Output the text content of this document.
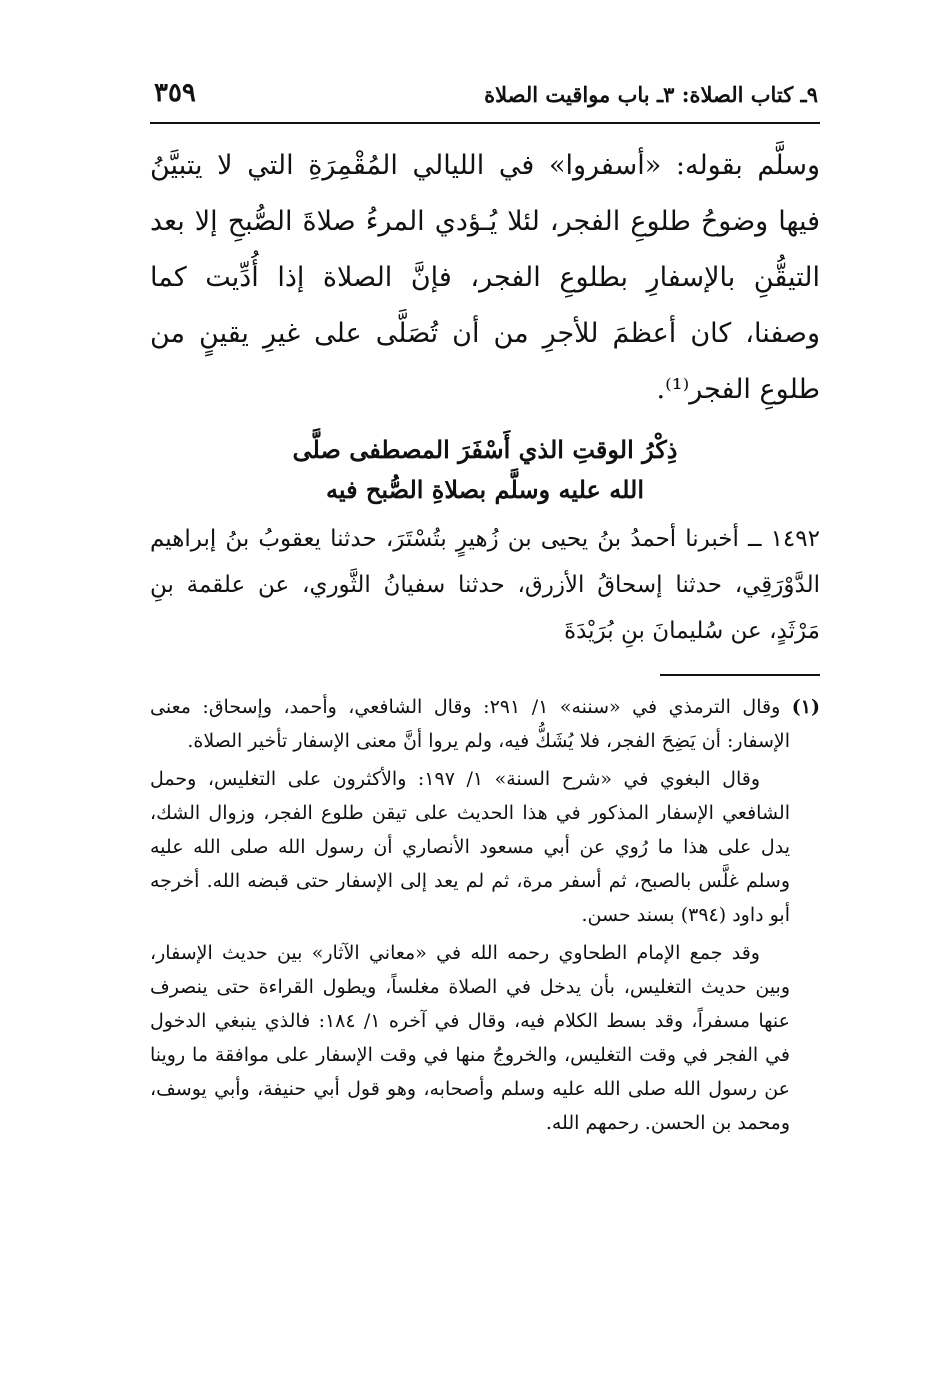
٩ـ كتاب الصلاة: ٣ـ باب مواقيت الصلاة
٣٥٩

وسلَّم بقوله: «أسفروا» في الليالي المُقْمِرَةِ التي لا يتبيَّنُ فيها وضوحُ طلوعِ الفجر، لئلا يُـؤدي المرءُ صلاةَ الصُّبحِ إلا بعد التيقُّنِ بالإسفارِ بطلوعِ الفجر، فإنَّ الصلاة إذا أُدِّيت كما وصفنا، كان أعظمَ للأجرِ من أن تُصَلَّى على غيرِ يقينٍ من طلوعِ الفجر⁽¹⁾.

ذِكْرُ الوقتِ الذي أَسْفَرَ المصطفى صلَّى
الله عليه وسلَّم بصلاةِ الصُّبح فيه

١٤٩٢ ــ أخبرنا أحمدُ بنُ يحيى بن زُهيرٍ بتُسْتَرَ، حدثنا يعقوبُ بنُ إبراهيم الدَّوْرَقِي، حدثنا إسحاقُ الأزرق، حدثنا سفيانُ الثَّوري، عن علقمة بنِ مَرْثَدٍ، عن سُليمانَ بنِ بُرَيْدَةَ

(١) وقال الترمذي في «سننه» ١/ ٢٩١: وقال الشافعي، وأحمد، وإسحاق: معنى الإسفار: أن يَضِحَ الفجر، فلا يُشَكُّ فيه، ولم يروا أنَّ معنى الإسفار تأخير الصلاة.

وقال البغوي في «شرح السنة» ١/ ١٩٧: والأكثرون على التغليس، وحمل الشافعي الإسفار المذكور في هذا الحديث على تيقن طلوع الفجر، وزوال الشك، يدل على هذا ما رُوي عن أبي مسعود الأنصاري أن رسول الله صلى الله عليه وسلم غلَّس بالصبح، ثم أسفر مرة، ثم لم يعد إلى الإسفار حتى قبضه الله. أخرجه أبو داود (٣٩٤) بسند حسن.

وقد جمع الإمام الطحاوي رحمه الله في «معاني الآثار» بين حديث الإسفار، وبين حديث التغليس، بأن يدخل في الصلاة مغلساً، ويطول القراءة حتى ينصرف عنها مسفراً، وقد بسط الكلام فيه، وقال في آخره ١/ ١٨٤: فالذي ينبغي الدخول في الفجر في وقت التغليس، والخروجُ منها في وقت الإسفار على موافقة ما روينا عن رسول الله صلى الله عليه وسلم وأصحابه، وهو قول أبي حنيفة، وأبي يوسف، ومحمد بن الحسن. رحمهم الله.
